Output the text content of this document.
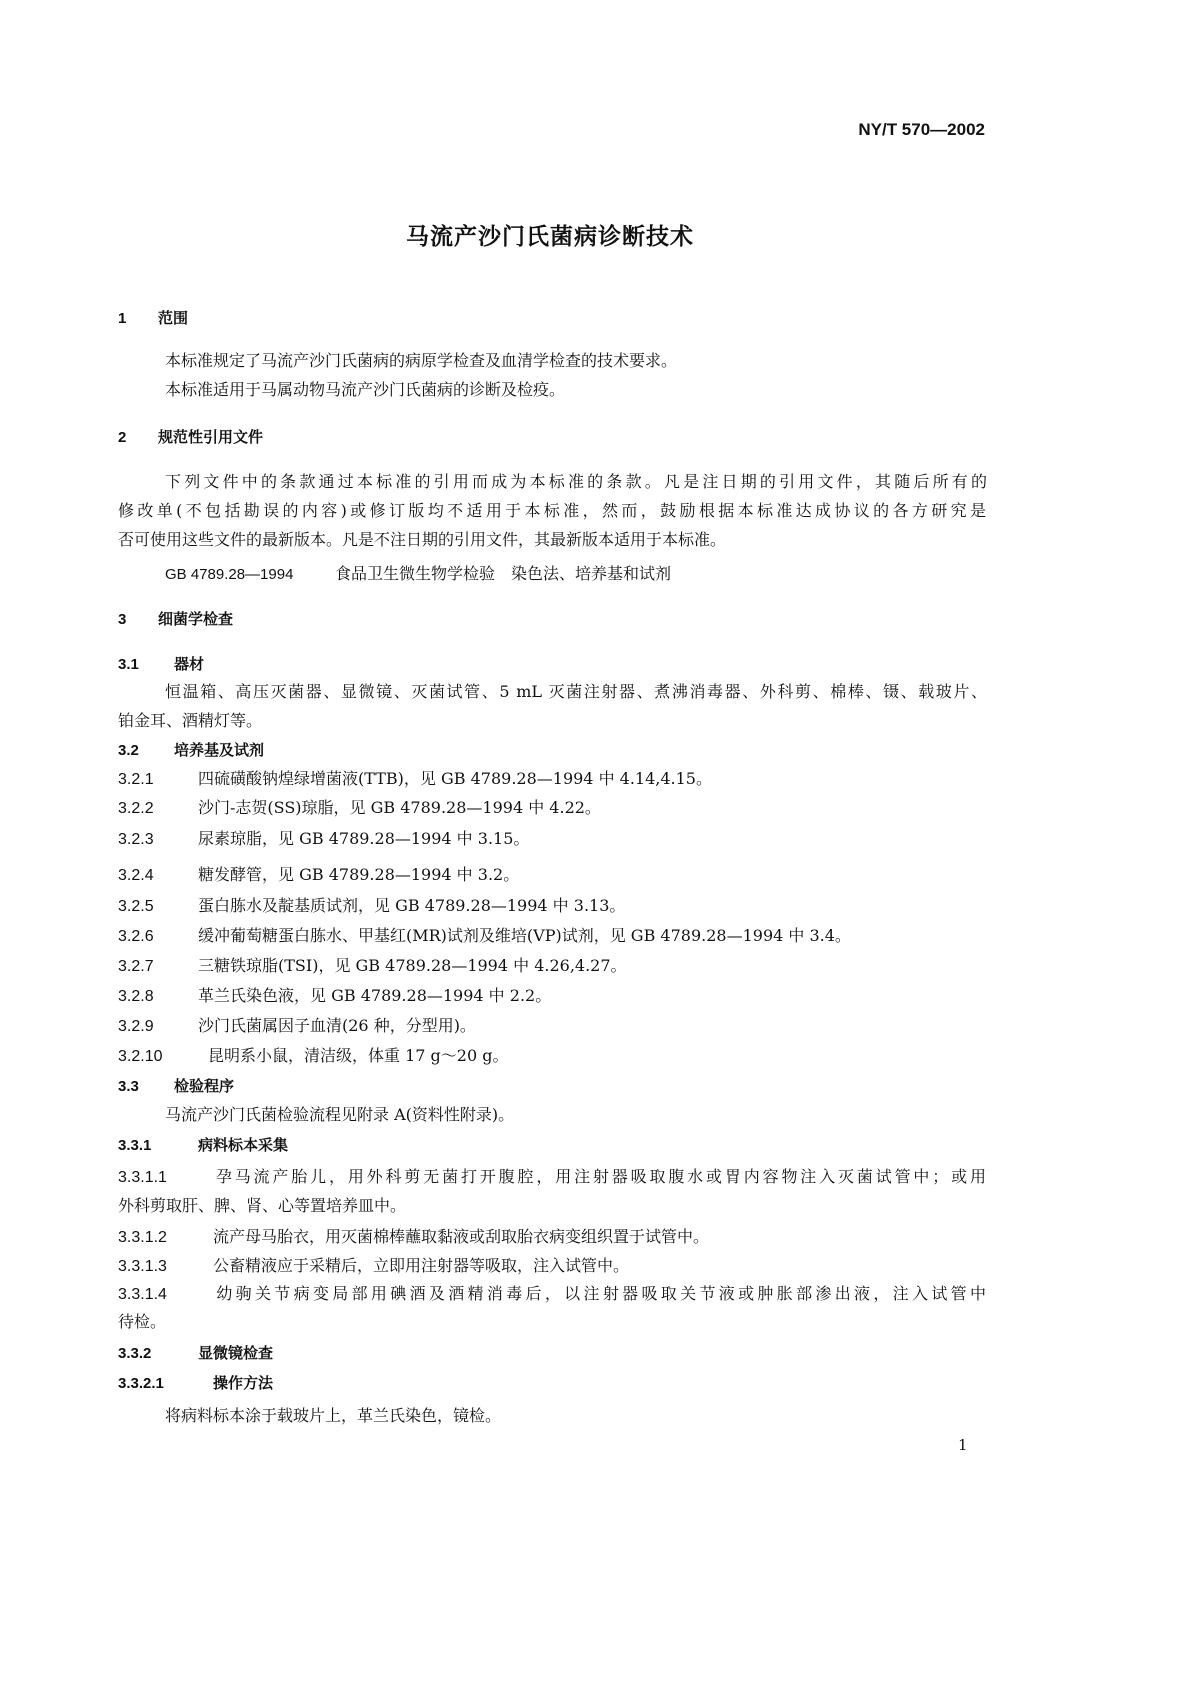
NY/T 570—2002
马流产沙门氏菌病诊断技术
1 范围
本标准规定了马流产沙门氏菌病的病原学检查及血清学检查的技术要求。
本标准适用于马属动物马流产沙门氏菌病的诊断及检疫。
2 规范性引用文件
下列文件中的条款通过本标准的引用而成为本标准的条款。凡是注日期的引用文件，其随后所有的
修改单(不包括勘误的内容)或修订版均不适用于本标准，然而，鼓励根据本标准达成协议的各方研究是
否可使用这些文件的最新版本。凡是不注日期的引用文件，其最新版本适用于本标准。
GB 4789.28—1994	食品卫生微生物学检验　染色法、培养基和试剂
3 细菌学检查
3.1 器材
恒温箱、高压灭菌器、显微镜、灭菌试管、5 mL 灭菌注射器、煮沸消毒器、外科剪、棉棒、镊、载玻片、
铂金耳、酒精灯等。
3.2 培养基及试剂
3.2.1	四硫磺酸钠煌绿增菌液(TTB)，见 GB 4789.28—1994 中 4.14,4.15。
3.2.2	沙门-志贺(SS)琼脂，见 GB 4789.28—1994 中 4.22。
3.2.3	尿素琼脂，见 GB 4789.28—1994 中 3.15。
3.2.4	糖发酵管，见 GB 4789.28—1994 中 3.2。
3.2.5	蛋白胨水及靛基质试剂，见 GB 4789.28—1994 中 3.13。
3.2.6	缓冲葡萄糖蛋白胨水、甲基红(MR)试剂及维培(VP)试剂，见 GB 4789.28—1994 中 3.4。
3.2.7	三糖铁琼脂(TSI)，见 GB 4789.28—1994 中 4.26,4.27。
3.2.8	革兰氏染色液，见 GB 4789.28—1994 中 2.2。
3.2.9	沙门氏菌属因子血清(26 种，分型用)。
3.2.10	昆明系小鼠，清洁级，体重 17 g～20 g。
3.3 检验程序
马流产沙门氏菌检验流程见附录 A(资料性附录)。
3.3.1	病料标本采集
3.3.1.1	孕马流产胎儿，用外科剪无菌打开腹腔，用注射器吸取腹水或胃内容物注入灭菌试管中；或用
外科剪取肝、脾、肾、心等置培养皿中。
3.3.1.2	流产母马胎衣，用灭菌棉棒蘸取黏液或刮取胎衣病变组织置于试管中。
3.3.1.3	公畜精液应于采精后，立即用注射器等吸取，注入试管中。
3.3.1.4	幼驹关节病变局部用碘酒及酒精消毒后，以注射器吸取关节液或肿胀部渗出液，注入试管中
待检。
3.3.2	显微镜检查
3.3.2.1	操作方法
将病料标本涂于载玻片上，革兰氏染色，镜检。
1
